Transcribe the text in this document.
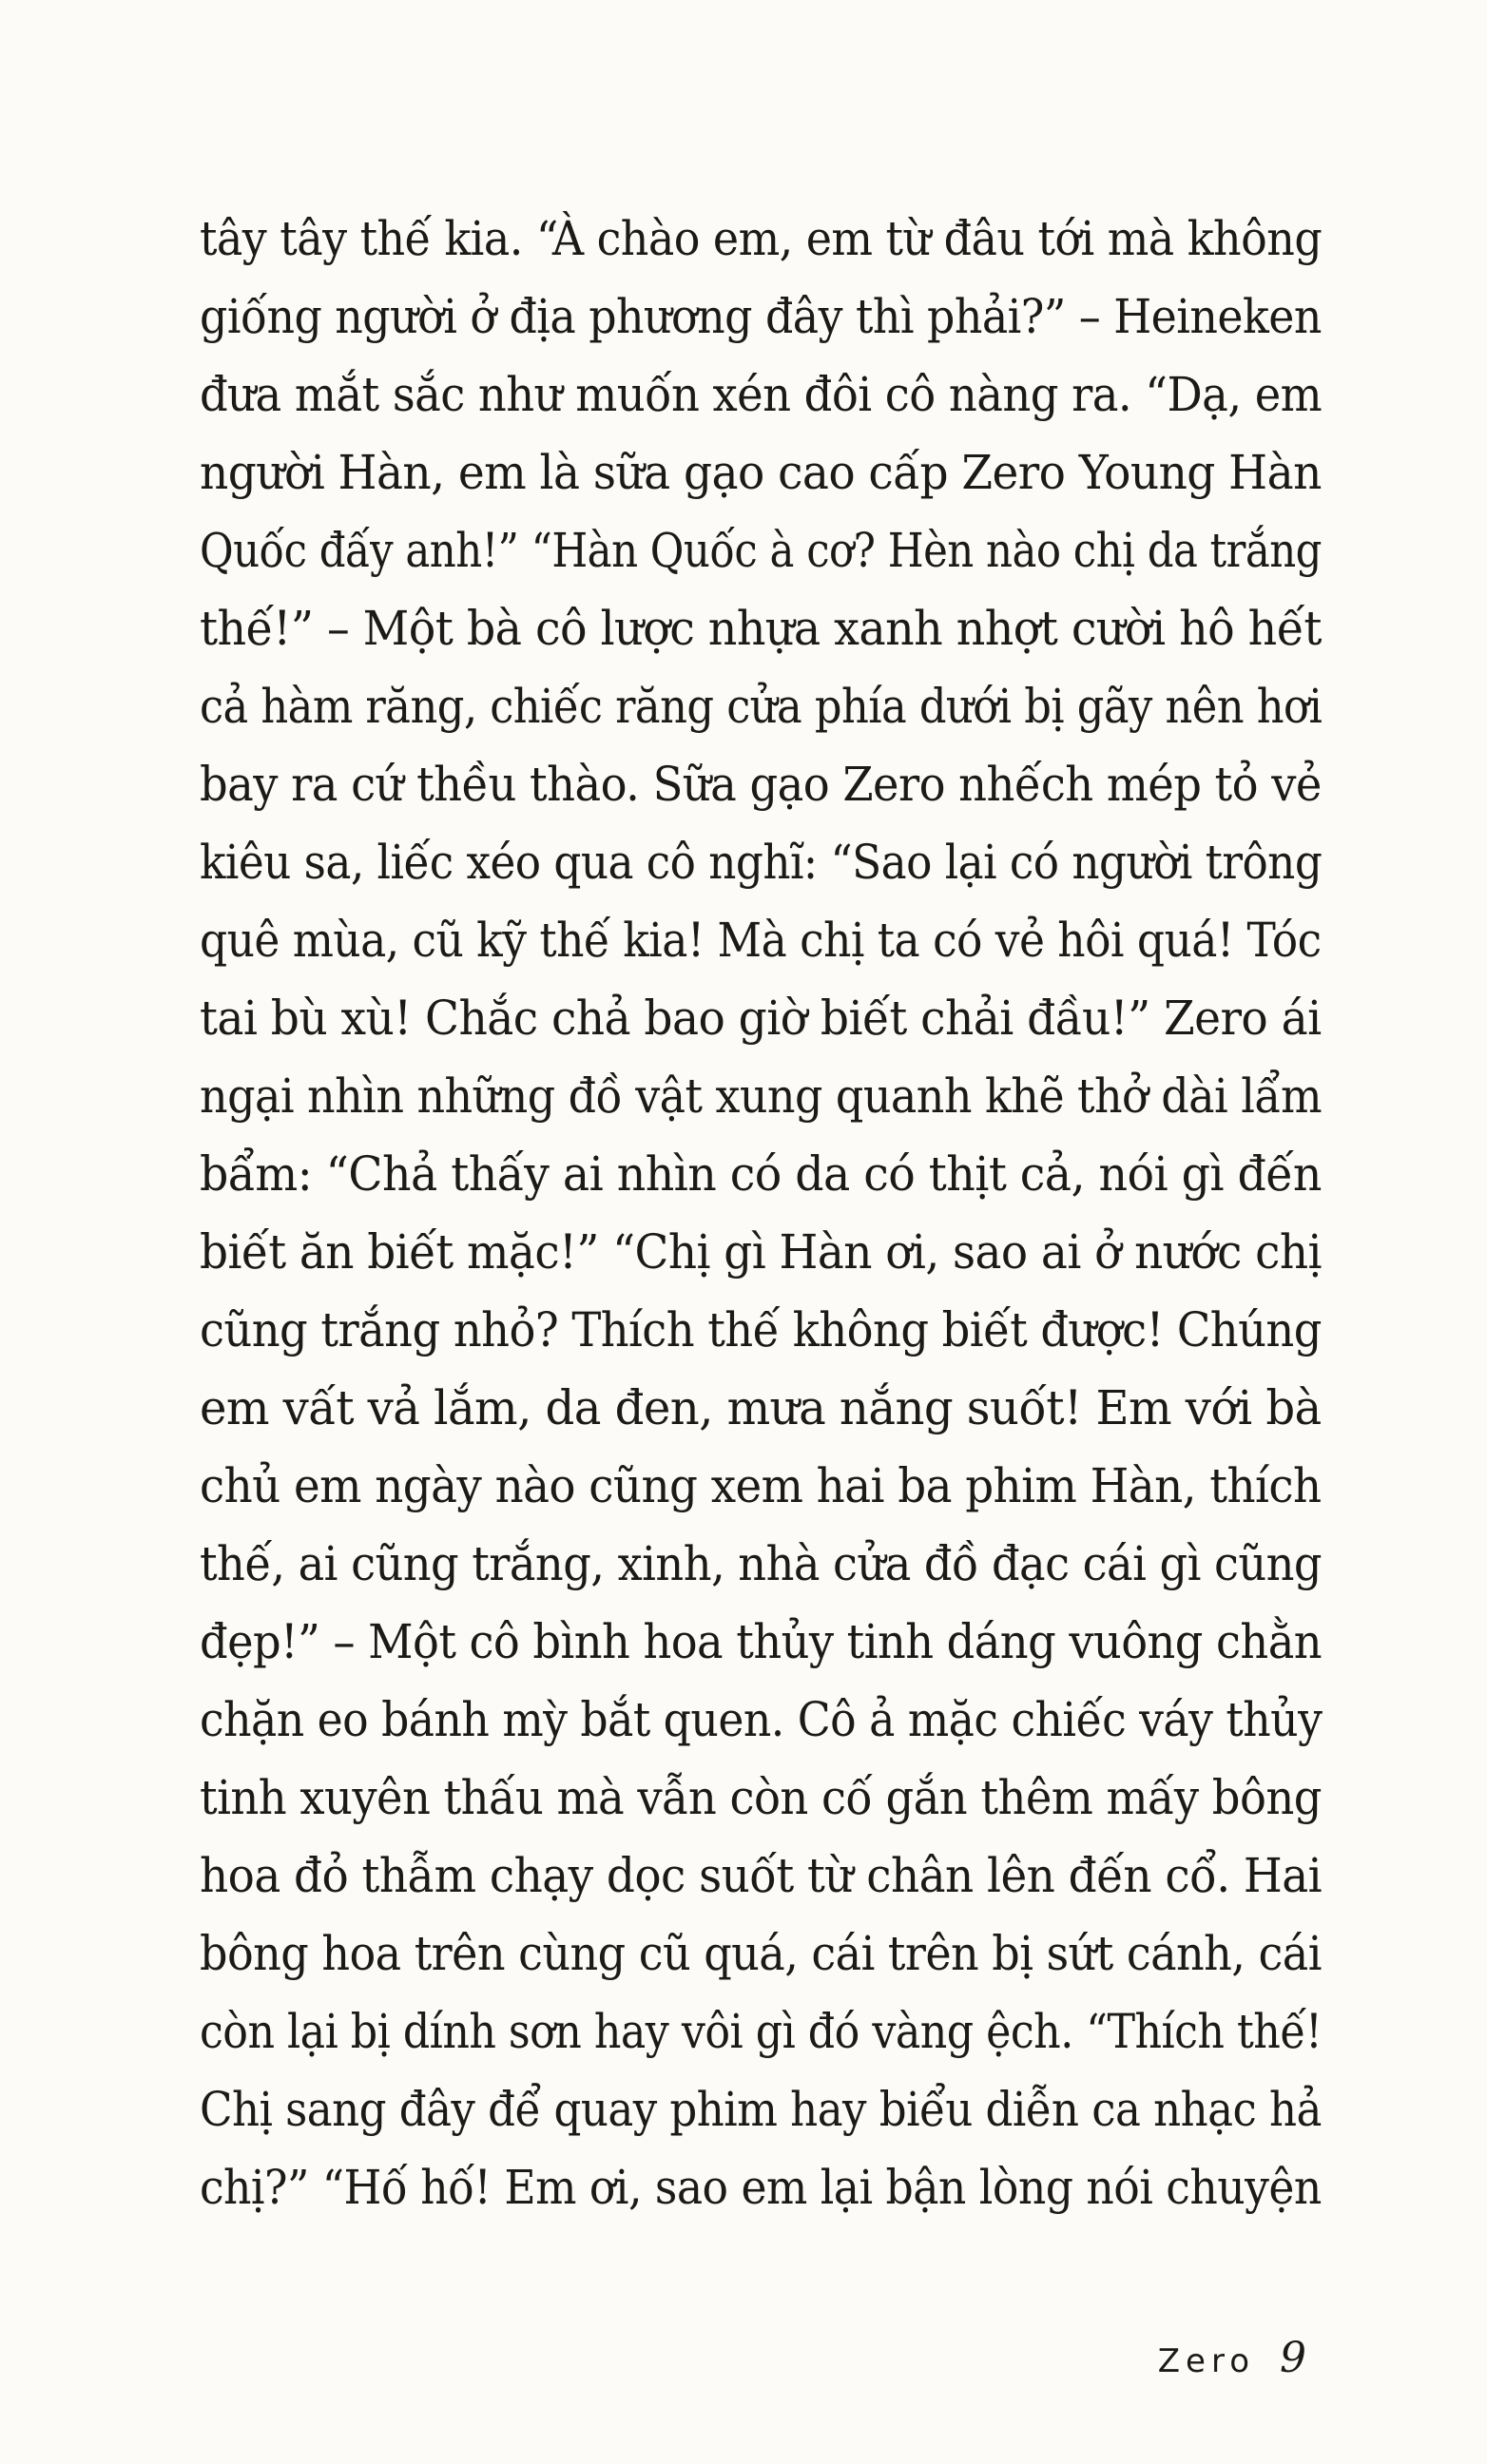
tây tây thế kia. “À chào em, em từ đâu tới mà không
giống người ở địa phương đây thì phải?” – Heineken
đưa mắt sắc như muốn xén đôi cô nàng ra. “Dạ, em
người Hàn, em là sữa gạo cao cấp Zero Young Hàn
Quốc đấy anh!” “Hàn Quốc à cơ? Hèn nào chị da trắng
thế!” – Một bà cô lược nhựa xanh nhợt cười hô hết
cả hàm răng, chiếc răng cửa phía dưới bị gãy nên hơi
bay ra cứ thều thào. Sữa gạo Zero nhếch mép tỏ vẻ
kiêu sa, liếc xéo qua cô nghĩ: “Sao lại có người trông
quê mùa, cũ kỹ thế kia! Mà chị ta có vẻ hôi quá! Tóc
tai bù xù! Chắc chả bao giờ biết chải đầu!” Zero ái
ngại nhìn những đồ vật xung quanh khẽ thở dài lẩm
bẩm: “Chả thấy ai nhìn có da có thịt cả, nói gì đến
biết ăn biết mặc!” “Chị gì Hàn ơi, sao ai ở nước chị
cũng trắng nhỏ? Thích thế không biết được! Chúng
em vất vả lắm, da đen, mưa nắng suốt! Em với bà
chủ em ngày nào cũng xem hai ba phim Hàn, thích
thế, ai cũng trắng, xinh, nhà cửa đồ đạc cái gì cũng
đẹp!” – Một cô bình hoa thủy tinh dáng vuông chằn
chặn eo bánh mỳ bắt quen. Cô ả mặc chiếc váy thủy
tinh xuyên thấu mà vẫn còn cố gắn thêm mấy bông
hoa đỏ thẫm chạy dọc suốt từ chân lên đến cổ. Hai
bông hoa trên cùng cũ quá, cái trên bị sứt cánh, cái
còn lại bị dính sơn hay vôi gì đó vàng ệch. “Thích thế!
Chị sang đây để quay phim hay biểu diễn ca nhạc hả
chị?” “Hố hố! Em ơi, sao em lại bận lòng nói chuyện
Zero 9
